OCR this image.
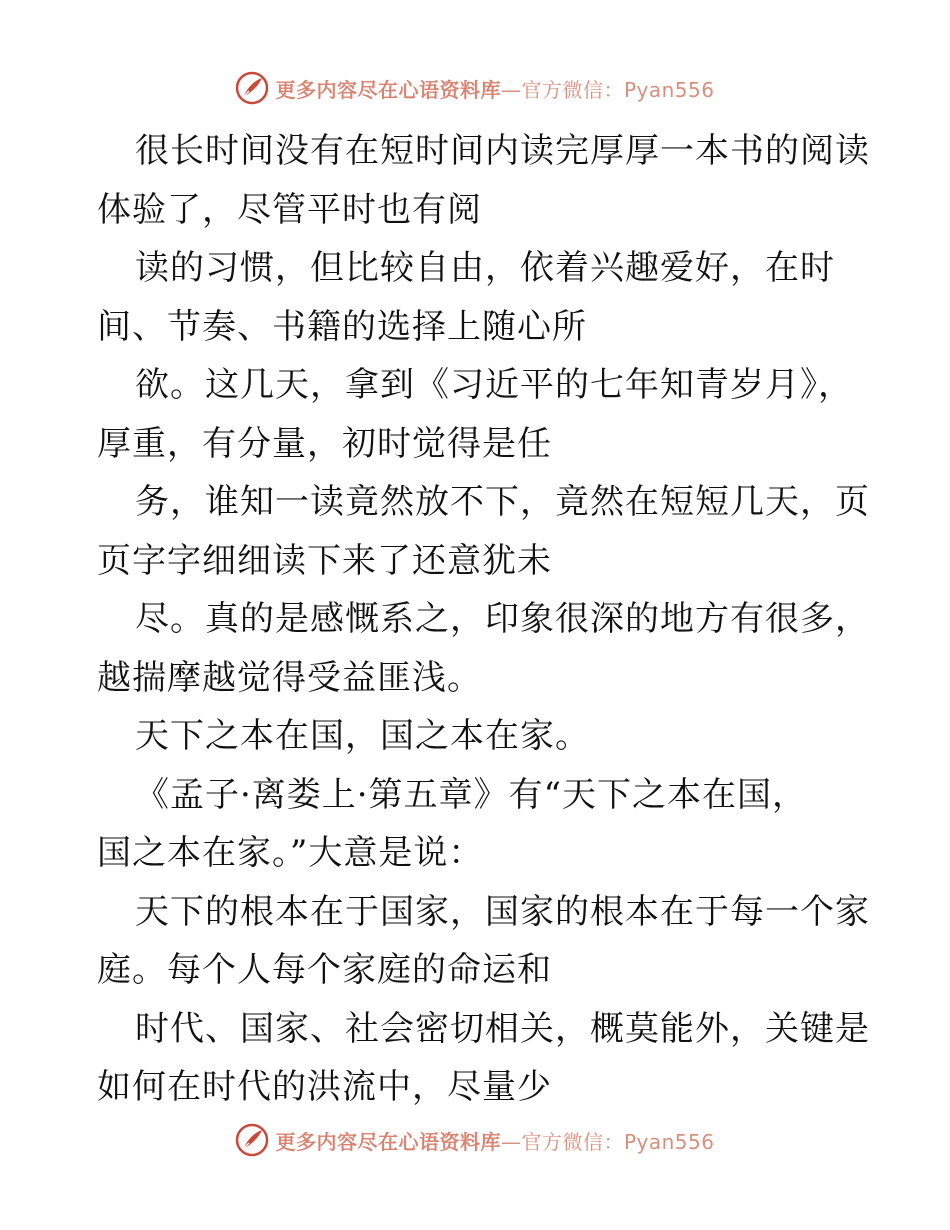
更多内容尽在心语资料库—官方微信：Pyan556
很长时间没有在短时间内读完厚厚一本书的阅读
体验了，尽管平时也有阅
读的习惯，但比较自由，依着兴趣爱好，在时
间、节奏、书籍的选择上随心所
欲。这几天，拿到《习近平的七年知青岁月》，
厚重，有分量，初时觉得是任
务，谁知一读竟然放不下，竟然在短短几天，页
页字字细细读下来了还意犹未
尽。真的是感慨系之，印象很深的地方有很多，
越揣摩越觉得受益匪浅。
天下之本在国，国之本在家。
《孟子·离娄上·第五章》有“天下之本在国，
国之本在家。”大意是说：
天下的根本在于国家，国家的根本在于每一个家
庭。每个人每个家庭的命运和
时代、国家、社会密切相关，概莫能外，关键是
如何在时代的洪流中，尽量少
更多内容尽在心语资料库—官方微信：Pyan556
